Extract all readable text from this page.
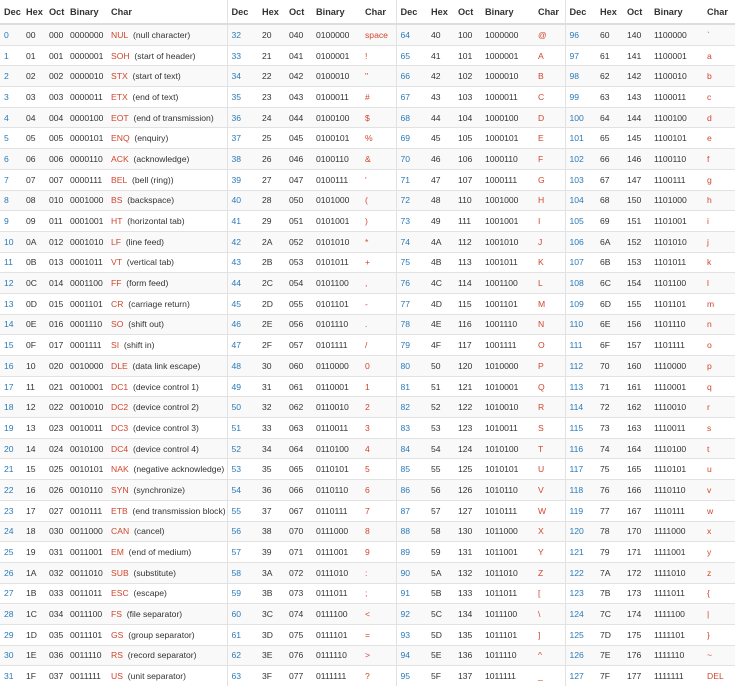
Dec	Hex	Oct	Binary	Char	Dec	Hex	Oct	Binary	Char	Dec	Hex	Oct	Binary	Char	Dec	Hex	Oct	Binary	Char
0	00	000	0000000	NUL (null character)	32	20	040	0100000	space	64	40	100	1000000	@	96	60	140	1100000	`
1	01	001	0000001	SOH (start of header)	33	21	041	0100001	!	65	41	101	1000001	A	97	61	141	1100001	a
2	02	002	0000010	STX (start of text)	34	22	042	0100010	"	66	42	102	1000010	B	98	62	142	1100010	b
3	03	003	0000011	ETX (end of text)	35	23	043	0100011	#	67	43	103	1000011	C	99	63	143	1100011	c
4	04	004	0000100	EOT (end of transmission)	36	24	044	0100100	$	68	44	104	1000100	D	100	64	144	1100100	d
5	05	005	0000101	ENQ (enquiry)	37	25	045	0100101	%	69	45	105	1000101	E	101	65	145	1100101	e
6	06	006	0000110	ACK (acknowledge)	38	26	046	0100110	&	70	46	106	1000110	F	102	66	146	1100110	f
7	07	007	0000111	BEL (bell (ring))	39	27	047	0100111	'	71	47	107	1000111	G	103	67	147	1100111	g
8	08	010	0001000	BS (backspace)	40	28	050	0101000	(	72	48	110	1001000	H	104	68	150	1101000	h
9	09	011	0001001	HT (horizontal tab)	41	29	051	0101001	)	73	49	111	1001001	I	105	69	151	1101001	i
10	0A	012	0001010	LF (line feed)	42	2A	052	0101010	*	74	4A	112	1001010	J	106	6A	152	1101010	j
11	0B	013	0001011	VT (vertical tab)	43	2B	053	0101011	+	75	4B	113	1001011	K	107	6B	153	1101011	k
12	0C	014	0001100	FF (form feed)	44	2C	054	0101100	,	76	4C	114	1001100	L	108	6C	154	1101100	l
13	0D	015	0001101	CR (carriage return)	45	2D	055	0101101	-	77	4D	115	1001101	M	109	6D	155	1101101	m
14	0E	016	0001110	SO (shift out)	46	2E	056	0101110	.	78	4E	116	1001110	N	110	6E	156	1101110	n
15	0F	017	0001111	SI (shift in)	47	2F	057	0101111	/	79	4F	117	1001111	O	111	6F	157	1101111	o
16	10	020	0010000	DLE (data link escape)	48	30	060	0110000	0	80	50	120	1010000	P	112	70	160	1110000	p
17	11	021	0010001	DC1 (device control 1)	49	31	061	0110001	1	81	51	121	1010001	Q	113	71	161	1110001	q
18	12	022	0010010	DC2 (device control 2)	50	32	062	0110010	2	82	52	122	1010010	R	114	72	162	1110010	r
19	13	023	0010011	DC3 (device control 3)	51	33	063	0110011	3	83	53	123	1010011	S	115	73	163	1110011	s
20	14	024	0010100	DC4 (device control 4)	52	34	064	0110100	4	84	54	124	1010100	T	116	74	164	1110100	t
21	15	025	0010101	NAK (negative acknowledge)	53	35	065	0110101	5	85	55	125	1010101	U	117	75	165	1110101	u
22	16	026	0010110	SYN (synchronize)	54	36	066	0110110	6	86	56	126	1010110	V	118	76	166	1110110	v
23	17	027	0010111	ETB (end transmission block)	55	37	067	0110111	7	87	57	127	1010111	W	119	77	167	1110111	w
24	18	030	0011000	CAN (cancel)	56	38	070	0111000	8	88	58	130	1011000	X	120	78	170	1111000	x
25	19	031	0011001	EM (end of medium)	57	39	071	0111001	9	89	59	131	1011001	Y	121	79	171	1111001	y
26	1A	032	0011010	SUB (substitute)	58	3A	072	0111010	:	90	5A	132	1011010	Z	122	7A	172	1111010	z
27	1B	033	0011011	ESC (escape)	59	3B	073	0111011	;	91	5B	133	1011011	[	123	7B	173	1111011	{
28	1C	034	0011100	FS (file separator)	60	3C	074	0111100	<	92	5C	134	1011100	\	124	7C	174	1111100	|
29	1D	035	0011101	GS (group separator)	61	3D	075	0111101	=	93	5D	135	1011101	]	125	7D	175	1111101	}
30	1E	036	0011110	RS (record separator)	62	3E	076	0111110	>	94	5E	136	1011110	^	126	7E	176	1111110	~
31	1F	037	0011111	US (unit separator)	63	3F	077	0111111	?	95	5F	137	1011111	_	127	7F	177	1111111	DEL
